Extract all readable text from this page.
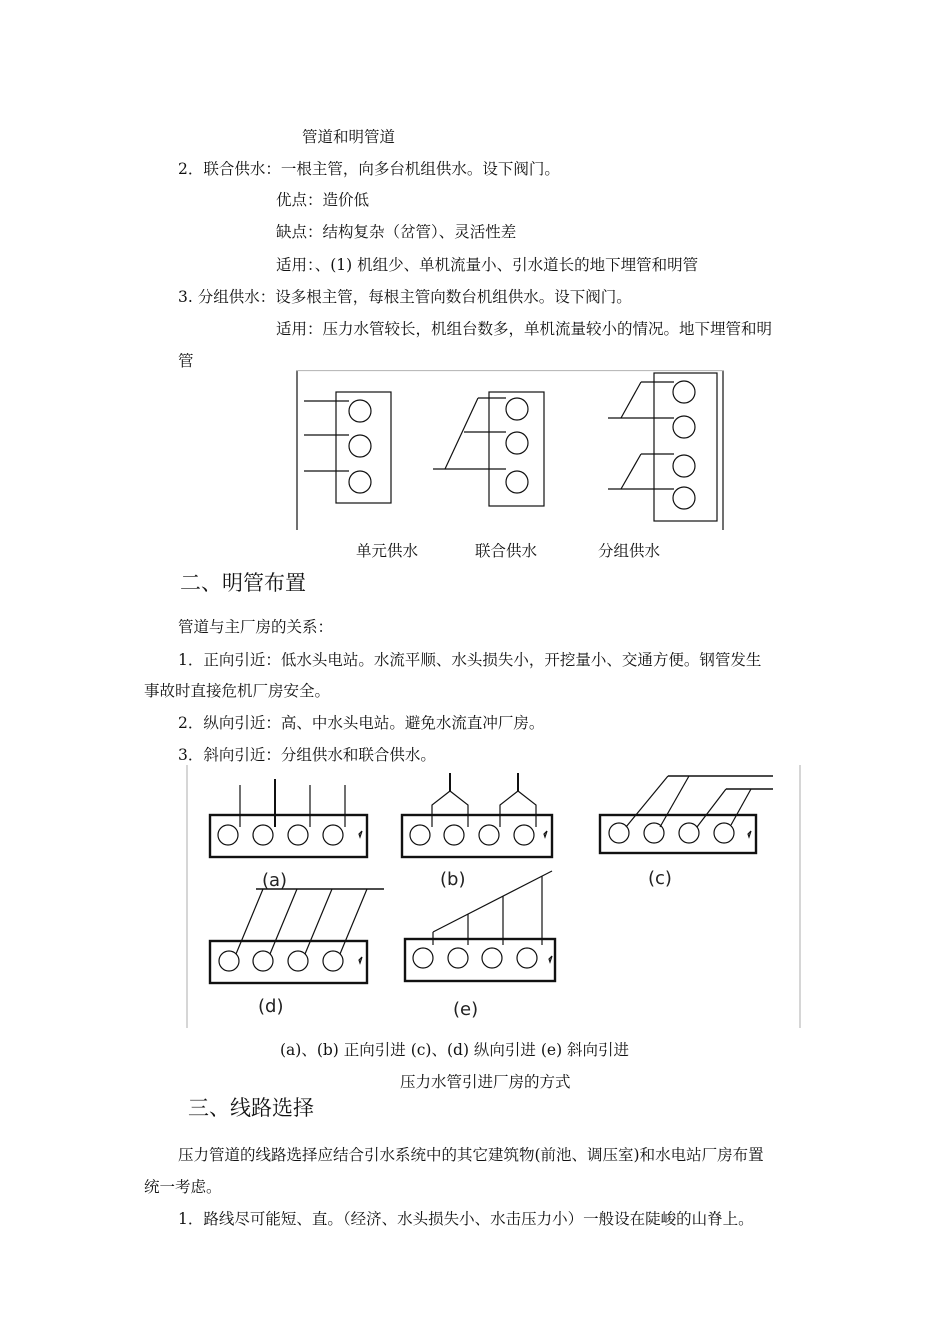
管道和明管道
2．联合供水：一根主管，向多台机组供水。设下阀门。
优点：造价低
缺点：结构复杂（岔管）、灵活性差
适用：、(1) 机组少、单机流量小、引水道长的地下埋管和明管
3. 分组供水：设多根主管，每根主管向数台机组供水。设下阀门。
适用：压力水管较长，机组台数多，单机流量较小的情况。地下埋管和明
管
单元供水	联合供水	分组供水
二、明管布置
管道与主厂房的关系：
1．正向引近：低水头电站。水流平顺、水头损失小，开挖量小、交通方便。钢管发生
事故时直接危机厂房安全。
2．纵向引近：高、中水头电站。避免水流直冲厂房。
3．斜向引近：分组供水和联合供水。
(a)	(b)	(c)
(d)	(e)
(a)、(b) 正向引进 (c)、(d) 纵向引进 (e) 斜向引进
压力水管引进厂房的方式
三、线路选择
压力管道的线路选择应结合引水系统中的其它建筑物(前池、调压室)和水电站厂房布置
统一考虑。
1．路线尽可能短、直。（经济、水头损失小、水击压力小）一般设在陡峻的山脊上。
